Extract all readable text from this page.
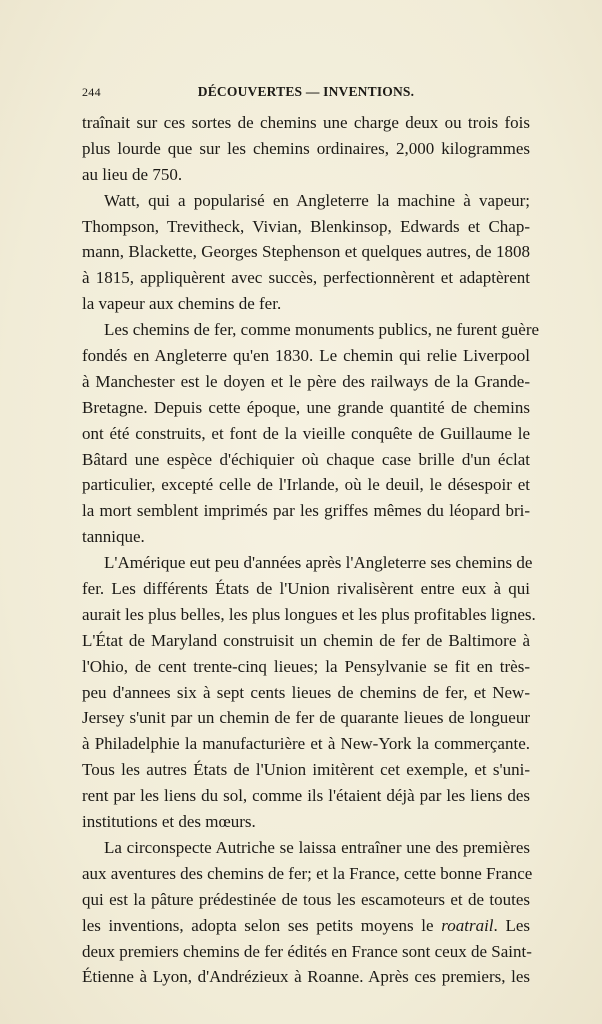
244	DÉCOUVERTES — INVENTIONS.
traînait sur ces sortes de chemins une charge deux ou trois fois
plus lourde que sur les chemins ordinaires, 2,000 kilogrammes
au lieu de 750.
Watt, qui a popularisé en Angleterre la machine à vapeur;
Thompson, Trevitheck, Vivian, Blenkinsop, Edwards et Chap-
mann, Blackette, Georges Stephenson et quelques autres, de 1808
à 1815, appliquèrent avec succès, perfectionnèrent et adaptèrent
la vapeur aux chemins de fer.
Les chemins de fer, comme monuments publics, ne furent guère
fondés en Angleterre qu'en 1830. Le chemin qui relie Liverpool
à Manchester est le doyen et le père des railways de la Grande-
Bretagne. Depuis cette époque, une grande quantité de chemins
ont été construits, et font de la vieille conquête de Guillaume le
Bâtard une espèce d'échiquier où chaque case brille d'un éclat
particulier, excepté celle de l'Irlande, où le deuil, le désespoir et
la mort semblent imprimés par les griffes mêmes du léopard bri-
tannique.
L'Amérique eut peu d'années après l'Angleterre ses chemins de
fer. Les différents États de l'Union rivalisèrent entre eux à qui
aurait les plus belles, les plus longues et les plus profitables lignes.
L'État de Maryland construisit un chemin de fer de Baltimore à
l'Ohio, de cent trente-cinq lieues; la Pensylvanie se fit en très-
peu d'annees six à sept cents lieues de chemins de fer, et New-
Jersey s'unit par un chemin de fer de quarante lieues de longueur
à Philadelphie la manufacturière et à New-York la commerçante.
Tous les autres États de l'Union imitèrent cet exemple, et s'uni-
rent par les liens du sol, comme ils l'étaient déjà par les liens des
institutions et des mœurs.
La circonspecte Autriche se laissa entraîner une des premières
aux aventures des chemins de fer; et la France, cette bonne France
qui est la pâture prédestinée de tous les escamoteurs et de toutes
les inventions, adopta selon ses petits moyens le roatrail. Les
deux premiers chemins de fer édités en France sont ceux de Saint-
Étienne à Lyon, d'Andrézieux à Roanne. Après ces premiers, les
